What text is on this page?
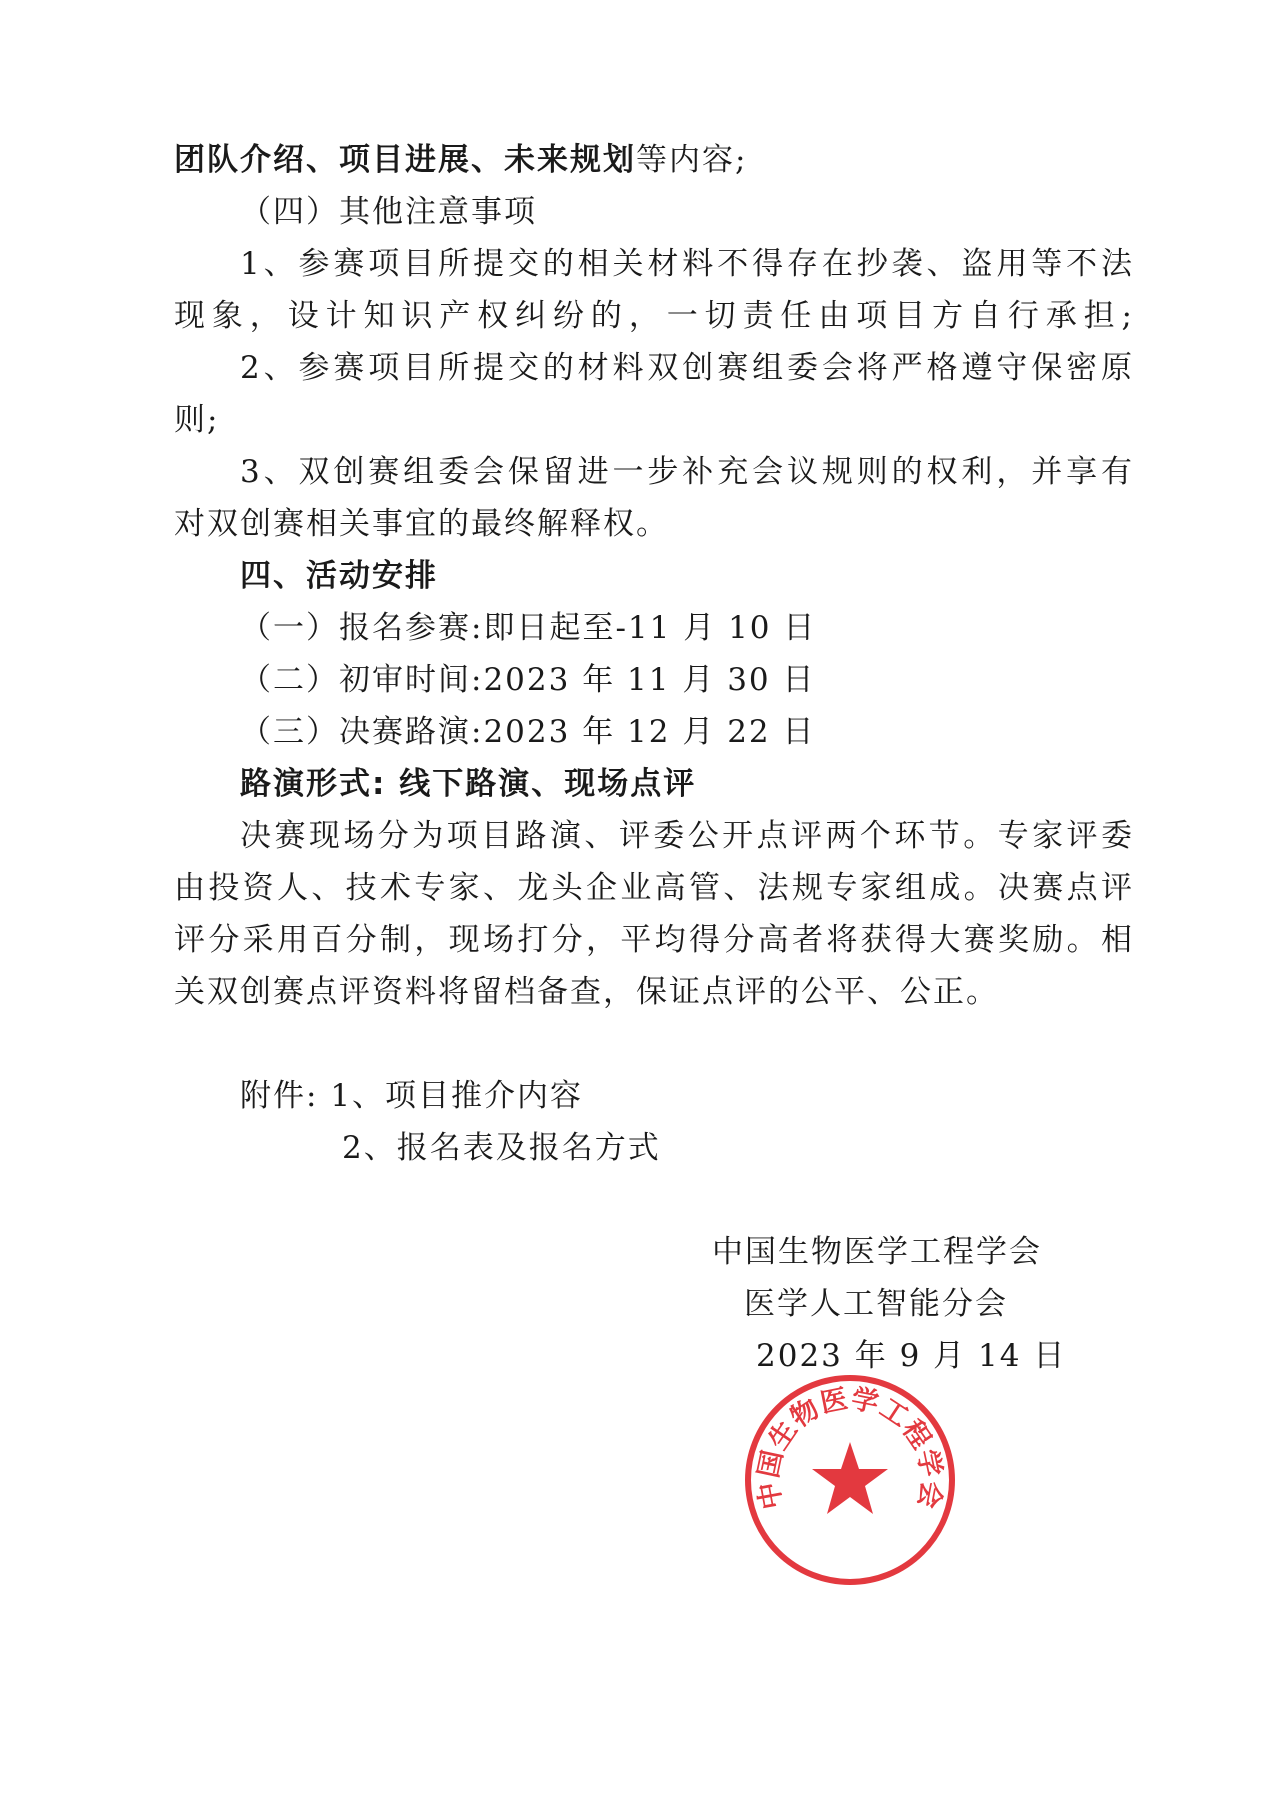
团队介绍、项目进展、未来规划等内容;
（四）其他注意事项
1、参赛项目所提交的相关材料不得存在抄袭、盗用等不法
现象，设计知识产权纠纷的，一切责任由项目方自行承担;
2、参赛项目所提交的材料双创赛组委会将严格遵守保密原
则;
3、双创赛组委会保留进一步补充会议规则的权利，并享有
对双创赛相关事宜的最终解释权。
四、活动安排
（一）报名参赛:即日起至-11 月 10 日
（二）初审时间:2023 年 11 月 30 日
（三）决赛路演:2023 年 12 月 22 日
路演形式: 线下路演、现场点评
决赛现场分为项目路演、评委公开点评两个环节。专家评委
由投资人、技术专家、龙头企业高管、法规专家组成。决赛点评
评分采用百分制，现场打分，平均得分高者将获得大赛奖励。相
关双创赛点评资料将留档备查，保证点评的公平、公正。
附件: 1、项目推介内容
2、报名表及报名方式
中国生物医学工程学会
中国生物医学工程学会
医学人工智能分会
2023 年 9 月 14 日
